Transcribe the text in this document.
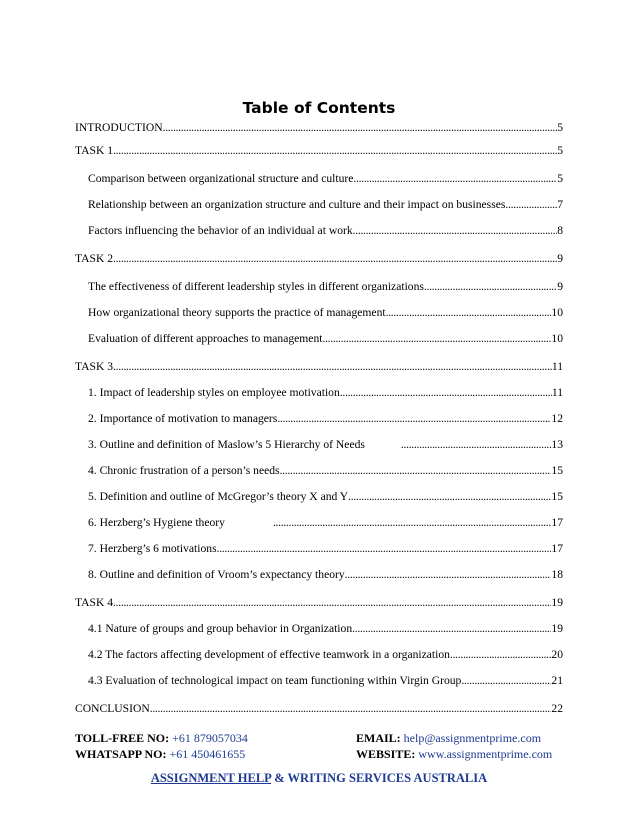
Table of Contents
INTRODUCTION .....	5
TASK 1 .....	5
Comparison between organizational structure and culture .....	5
Relationship between an organization structure and culture and their impact on businesses .....	7
Factors influencing the behavior of an individual at work .....	8
TASK 2 .....	9
The effectiveness of different leadership styles in different organizations .....	9
How organizational theory supports the practice of management .....	10
Evaluation of different approaches to management .....	10
TASK 3 .....	11
1. Impact of leadership styles on employee motivation .....	11
2. Importance of motivation to managers .....	12
3. Outline and definition of Maslow’s 5 Hierarchy of Needs .....	13
4. Chronic frustration of a person’s needs .....	15
5. Definition and outline of McGregor’s theory X and Y .....	15
6. Herzberg’s Hygiene theory .....	17
7. Herzberg’s 6 motivations .....	17
8. Outline and definition of Vroom’s expectancy theory .....	18
TASK 4 .....	19
4.1 Nature of groups and group behavior in Organization .....	19
4.2 The factors affecting development of effective teamwork in a organization .....	20
4.3 Evaluation of technological impact on team functioning within Virgin Group .....	21
CONCLUSION .....	22
TOLL-FREE NO: +61 879057034	EMAIL: help@assignmentprime.com
WHATSAPP NO: +61 450461655	WEBSITE: www.assignmentprime.com
ASSIGNMENT HELP & WRITING SERVICES AUSTRALIA
